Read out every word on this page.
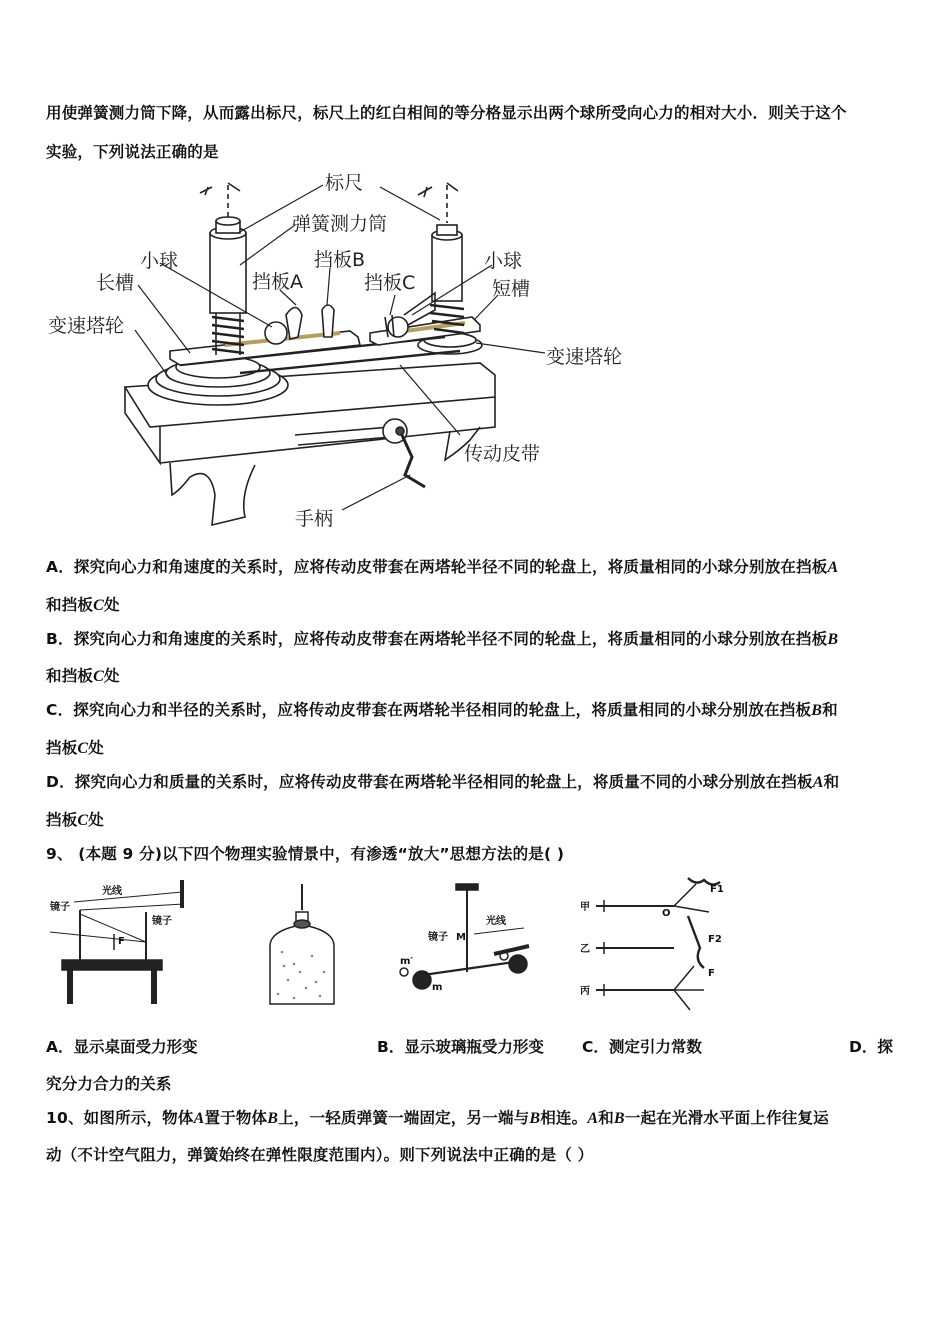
用使弹簧测力筒下降，从而露出标尺，标尺上的红白相间的等分格显示出两个球所受向心力的相对大小．则关于这个
实验，下列说法正确的是
标尺
弹簧测力筒
小球	挡板B	小球
长槽	挡板A	挡板C	短槽
变速塔轮
变速塔轮
传动皮带
手柄
A．探究向心力和角速度的关系时，应将传动皮带套在两塔轮半径不同的轮盘上，将质量相同的小球分别放在挡板A
和挡板C处
B．探究向心力和角速度的关系时，应将传动皮带套在两塔轮半径不同的轮盘上，将质量相同的小球分别放在挡板B
和挡板C处
C．探究向心力和半径的关系时，应将传动皮带套在两塔轮半径相同的轮盘上，将质量相同的小球分别放在挡板B和
挡板C处
D．探究向心力和质量的关系时，应将传动皮带套在两塔轮半径相同的轮盘上，将质量不同的小球分别放在挡板A和
挡板C处
9、 (本题 9 分)以下四个物理实验情景中，有渗透“放大”思想方法的是( )
镜子
光线
镜子
F	镜子 M
光线
m′
m
甲
乙
丙
O
F1
F2
F
A．显示桌面受力形变	B．显示玻璃瓶受力形变 C．测定引力常数	D．探
究分力合力的关系
10、如图所示，物体A置于物体B上，一轻质弹簧一端固定，另一端与B相连。A和B一起在光滑水平面上作往复运
动（不计空气阻力，弹簧始终在弹性限度范围内）。则下列说法中正确的是（ ）
